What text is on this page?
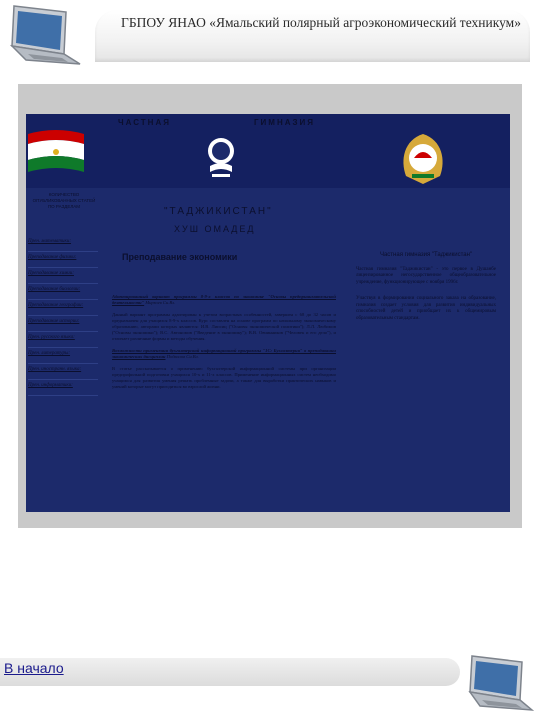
ГБПОУ ЯНАО «Ямальский полярный агроэкономический техникум»
ЧАСТНАЯ	ГИМНАЗИЯ
"ТАДЖИКИСТАН"
ХУШ ОМАДЕД
КОЛИЧЕСТВО ОПУБЛИКОВАННЫХ СТАТЕЙ ПО РАЗДЕЛАМ
Прен. математики:
Преподавание физики:
Преподавание химии:
Преподавание биологии:
Преподавание географии:
Преподавание истории:
Прен. русского языка:
Прен. литературы:
Прен. иностранн. языка:
Прен. информатики:
Преподавание экономики

Адаптированный вариант программы 8-9-х классов по экономике "Основы предпринимательской деятельности" Мирзоев Сн.Вл.

Данный вариант программы адаптирован к учетом возрастных особенностей, завершен с 68 до 32 часов и предназначен для учащихся 8-9-х классов. Курс составлен на основе программ по начальному экономическому образованию, авторами которых являются: И.В. Липсиц ("Основы экономической политики"); Л.Л. Любимов ("Основы экономики"); В.С. Автономов ("Введение в экономику"); В.В. Овчинников ("Человек и его дело"), и отличает различные формы и методы обучения.

Возможности применения бухгалтерской информационной программы "1С: Бухгалтерия" в преподавании экономических дисциплин Подвалов Сн.Вл.

В статье рассказывается о применению бухгалтерской информационной системы при организации предпрофильной подготовки учащихся 10-х и 11-х классов. Применение информационных систем необходимо учащимся для развития умения решать проблемные задачи, а также для выработки практических навыков и умений которые могут пригодиться во взрослой жизни.

Частная гимназия "Таджикистан"

Частная гимназия "Таджикистан" - это первое в Душанбе лицензированное негосударственное общеобразовательное учреждение, функционирующее с ноября 1996г.

Участвуя в формировании социального заказа на образование, гимназия создает условия для развития индивидуальных способностей детей и приобщает их к общемировым образовательным стандартам.

В начало
